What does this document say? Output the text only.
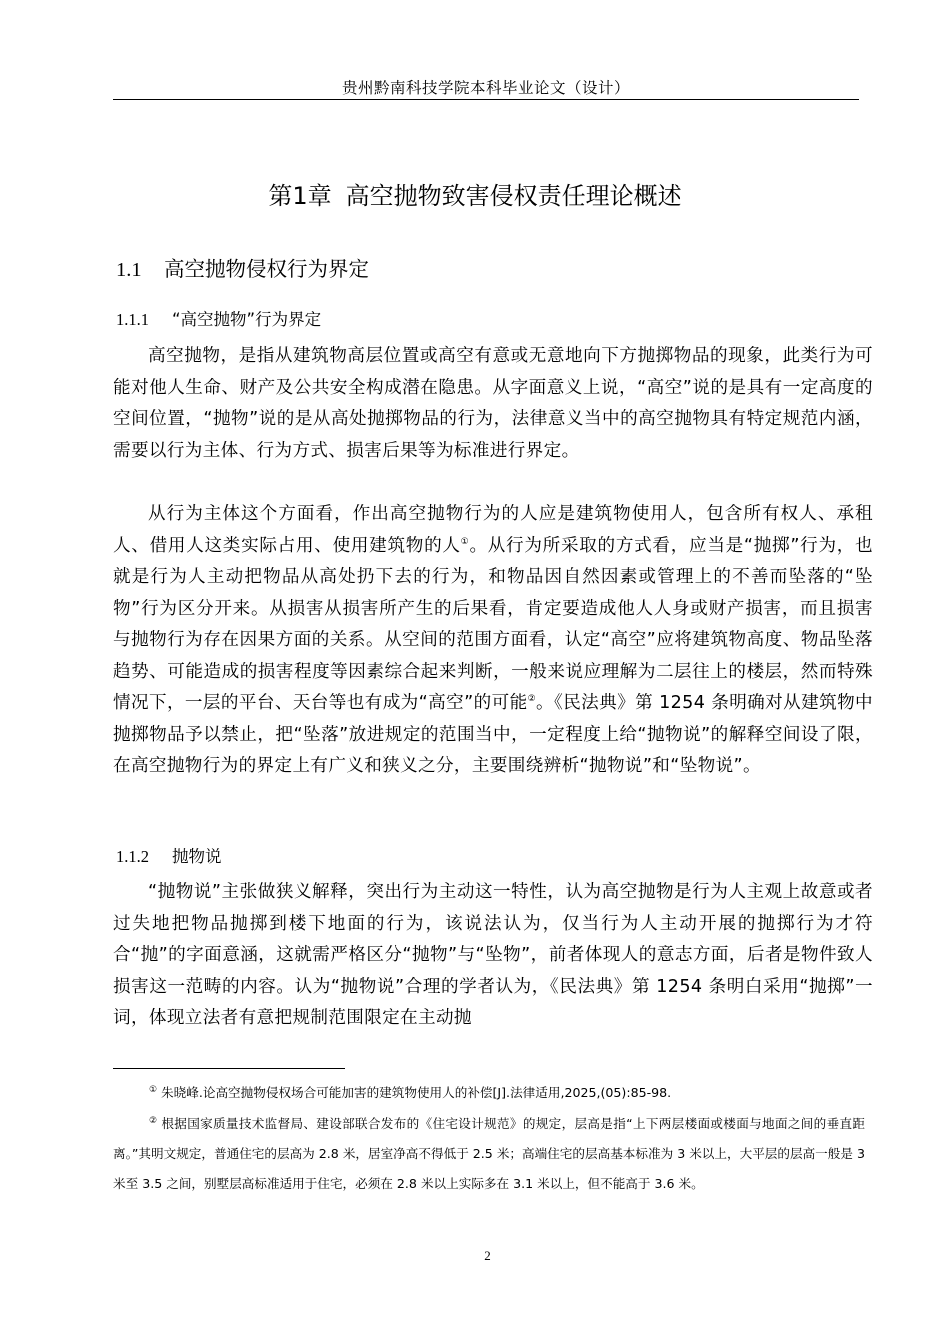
贵州黔南科技学院本科毕业论文（设计）
第1章 高空抛物致害侵权责任理论概述
1.1 高空抛物侵权行为界定
1.1.1 “高空抛物”行为界定
高空抛物，是指从建筑物高层位置或高空有意或无意地向下方抛掷物品的现象，此类行为可能对他人生命、财产及公共安全构成潜在隐患。从字面意义上说，“高空”说的是具有一定高度的空间位置，“抛物”说的是从高处抛掷物品的行为，法律意义当中的高空抛物具有特定规范内涵，需要以行为主体、行为方式、损害后果等为标准进行界定。
从行为主体这个方面看，作出高空抛物行为的人应是建筑物使用人，包含所有权人、承租人、借用人这类实际占用、使用建筑物的人①。从行为所采取的方式看，应当是“抛掷”行为，也就是行为人主动把物品从高处扔下去的行为，和物品因自然因素或管理上的不善而坠落的“坠物”行为区分开来。从损害从损害所产生的后果看，肯定要造成他人人身或财产损害，而且损害与抛物行为存在因果方面的关系。从空间的范围方面看，认定“高空”应将建筑物高度、物品坠落趋势、可能造成的损害程度等因素综合起来判断，一般来说应理解为二层往上的楼层，然而特殊情况下，一层的平台、天台等也有成为“高空”的可能②。《民法典》第 1254 条明确对从建筑物中抛掷物品予以禁止，把“坠落”放进规定的范围当中，一定程度上给“抛物说”的解释空间设了限，在高空抛物行为的界定上有广义和狭义之分，主要围绕辨析“抛物说”和“坠物说”。
1.1.2 抛物说
“抛物说”主张做狭义解释，突出行为主动这一特性，认为高空抛物是行为人主观上故意或者过失地把物品抛掷到楼下地面的行为，该说法认为，仅当行为人主动开展的抛掷行为才符合“抛”的字面意涵，这就需严格区分“抛物”与“坠物”，前者体现人的意志方面，后者是物件致人损害这一范畴的内容。认为“抛物说”合理的学者认为，《民法典》第 1254 条明白采用“抛掷”一词，体现立法者有意把规制范围限定在主动抛
① 朱晓峰.论高空抛物侵权场合可能加害的建筑物使用人的补偿[J].法律适用,2025,(05):85-98.
② 根据国家质量技术监督局、建设部联合发布的《住宅设计规范》的规定，层高是指“上下两层楼面或楼面与地面之间的垂直距离。”其明文规定，普通住宅的层高为 2.8 米，居室净高不得低于 2.5 米；高端住宅的层高基本标准为 3 米以上，大平层的层高一般是 3 米至 3.5 之间，别墅层高标准适用于住宅，必须在 2.8 米以上实际多在 3.1 米以上，但不能高于 3.6 米。
2
